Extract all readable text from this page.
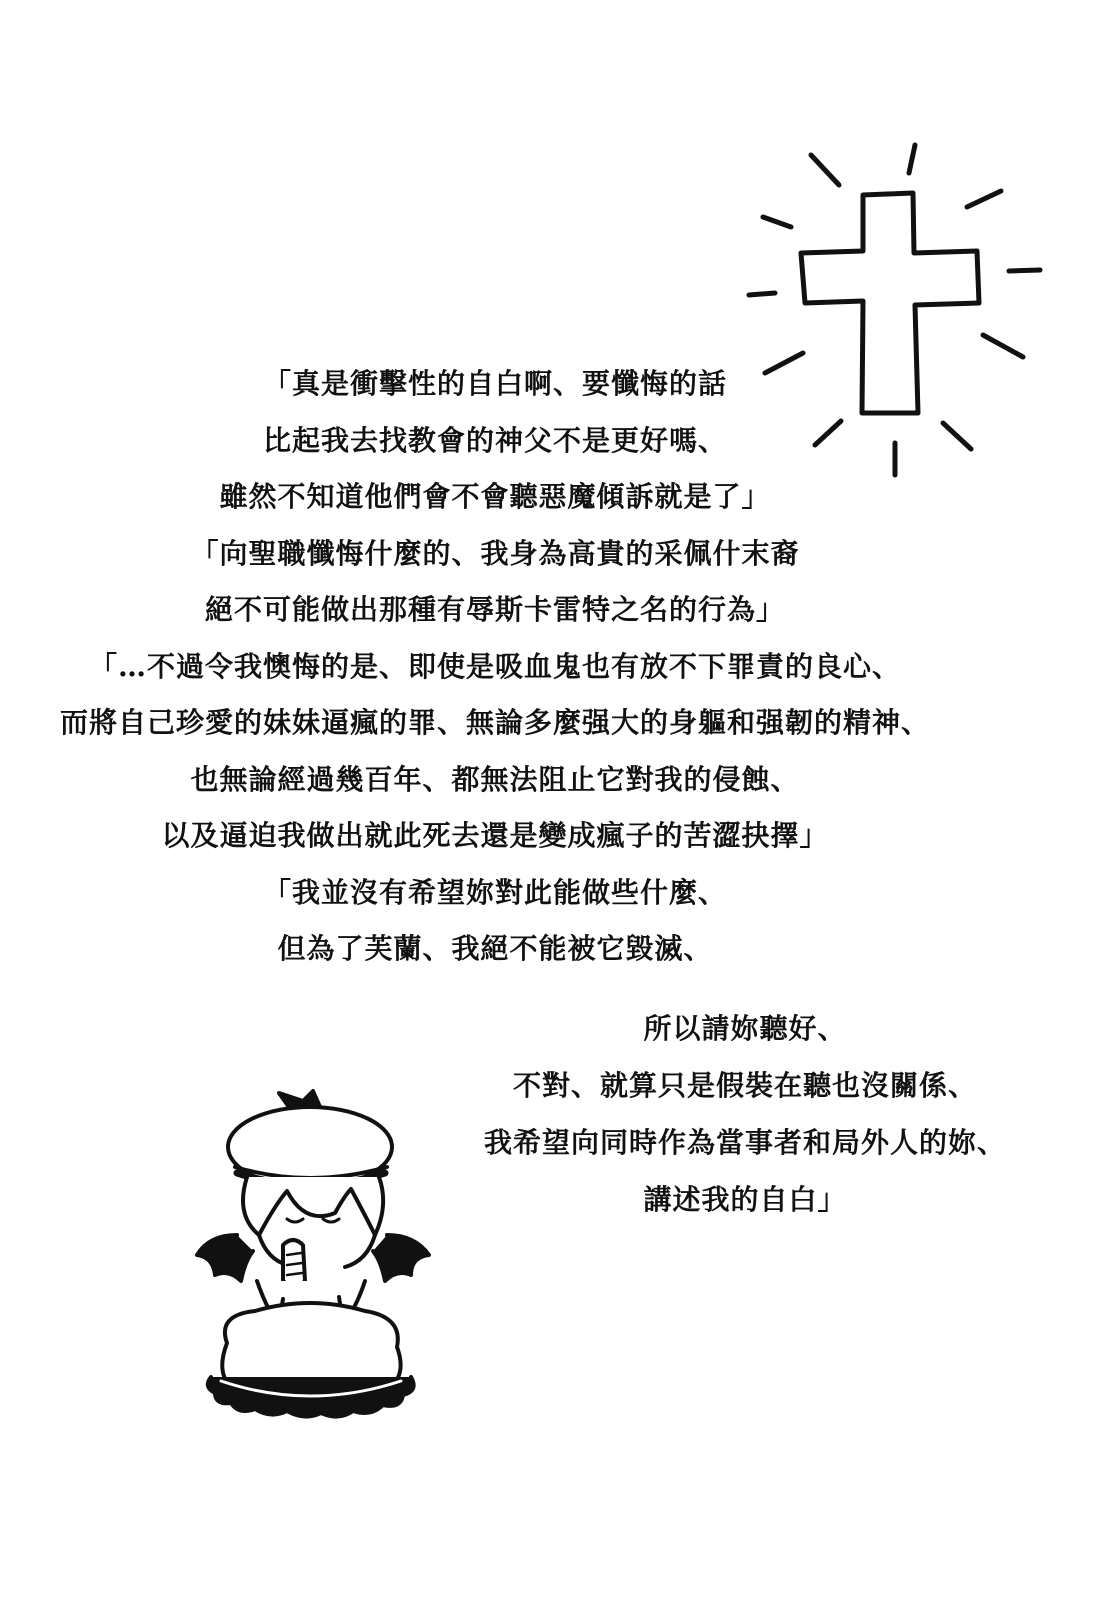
「真是衝擊性的自白啊、要懺悔的話
比起我去找教會的神父不是更好嗎、
雖然不知道他們會不會聽惡魔傾訴就是了」
「向聖職懺悔什麼的、我身為高貴的采佩什末裔
絕不可能做出那種有辱斯卡雷特之名的行為」
「…不過令我懊悔的是、即使是吸血鬼也有放不下罪責的良心、
而將自己珍愛的妹妹逼瘋的罪、無論多麼强大的身軀和强韌的精神、
也無論經過幾百年、都無法阻止它對我的侵蝕、
以及逼迫我做出就此死去還是變成瘋子的苦澀抉擇」
「我並沒有希望妳對此能做些什麼、
但為了芙蘭、我絕不能被它毀滅、
所以請妳聽好、
不對、就算只是假裝在聽也沒關係、
我希望向同時作為當事者和局外人的妳、
講述我的自白」
